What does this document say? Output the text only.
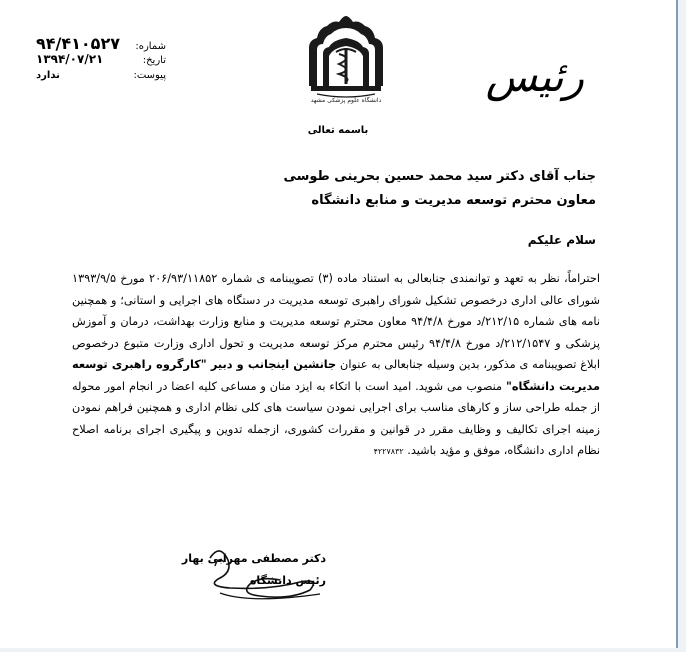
شماره:
۹۴/۴۱۰۵۲۷
تاریخ:
۱۳۹۴/۰۷/۲۱
پیوست:
ندارد
دانشگاه علوم پزشکی مشهد رئیس
باسمه تعالی
جناب آقای دکتر سید محمد حسین بحرینی طوسی
معاون محترم توسعه مدیریت و منابع دانشگاه
سلام علیکم
احتراماً، نظر به تعهد و توانمندی جنابعالی به استناد ماده (۳) تصویبنامه ی شماره ۲۰۶/۹۳/۱۱۸۵۲ مورخ ۱۳۹۳/۹/۵ شورای عالی اداری درخصوص تشکیل شورای راهبری توسعه مدیریت در دستگاه های اجرایی و استانی؛ و همچنین نامه های شماره ۲۱۲/۱۵/د مورخ ۹۴/۴/۸ معاون محترم توسعه مدیریت و منابع وزارت بهداشت، درمان و آموزش پزشکی و ۲۱۲/۱۵۴۷/د مورخ ۹۴/۴/۸ رئیس محترم مرکز توسعه مدیریت و تحول اداری وزارت متبوع درخصوص ابلاغ تصویبنامه ی مذکور، بدین وسیله جنابعالی به عنوان جانشین اینجانب و دبیر "کارگروه راهبری توسعه مدیریت دانشگاه" منصوب می شوید. امید است با اتکاء به ایزد منان و مساعی کلیه اعضا در انجام امور محوله از جمله طراحی ساز و کارهای مناسب برای اجرایی نمودن سیاست های کلی نظام اداری و همچنین فراهم نمودن زمینه اجرای تکالیف و وظایف مقرر در قوانین و مقررات کشوری، ازجمله تدوین و پیگیری اجرای برنامه اصلاح نظام اداری دانشگاه، موفق و مؤید باشید. ۴۲۲۷۸۳۲
دکتر مصطفی مهرابی بهار
رئیس دانشگاه
